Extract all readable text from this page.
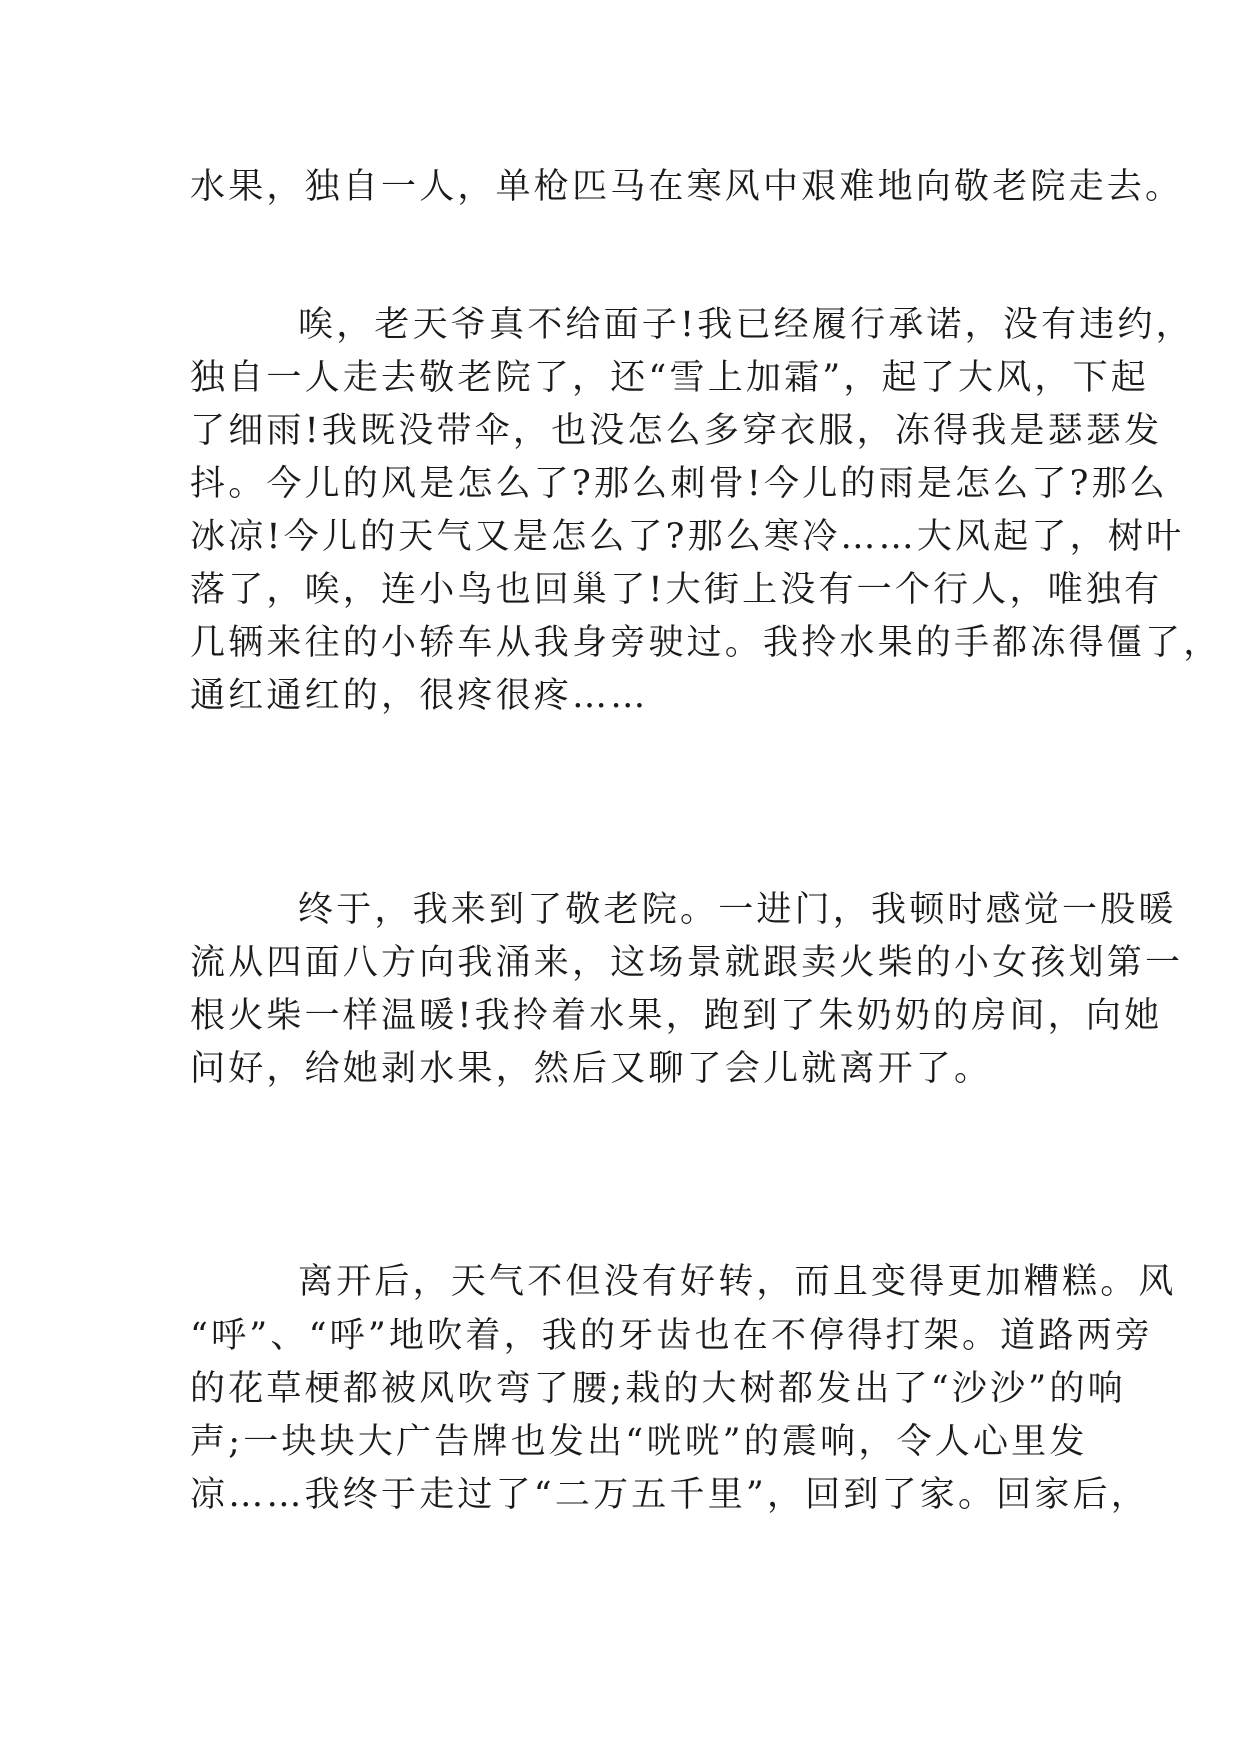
水果，独自一人，单枪匹马在寒风中艰难地向敬老院走去。

唉，老天爷真不给面子!我已经履行承诺，没有违约，

独自一人走去敬老院了，还“雪上加霜”，起了大风，下起

了细雨!我既没带伞，也没怎么多穿衣服，冻得我是瑟瑟发

抖。今儿的风是怎么了?那么刺骨!今儿的雨是怎么了?那么

冰凉!今儿的天气又是怎么了?那么寒冷……大风起了，树叶

落了，唉，连小鸟也回巢了!大街上没有一个行人，唯独有

几辆来往的小轿车从我身旁驶过。我拎水果的手都冻得僵了，

通红通红的，很疼很疼……

终于，我来到了敬老院。一进门，我顿时感觉一股暖

流从四面八方向我涌来，这场景就跟卖火柴的小女孩划第一

根火柴一样温暖!我拎着水果，跑到了朱奶奶的房间，向她

问好，给她剥水果，然后又聊了会儿就离开了。

离开后，天气不但没有好转，而且变得更加糟糕。风

“呼”、“呼”地吹着，我的牙齿也在不停得打架。道路两旁

的花草梗都被风吹弯了腰;栽的大树都发出了“沙沙”的响

声;一块块大广告牌也发出“咣咣”的震响，令人心里发

凉……我终于走过了“二万五千里”，回到了家。回家后，
